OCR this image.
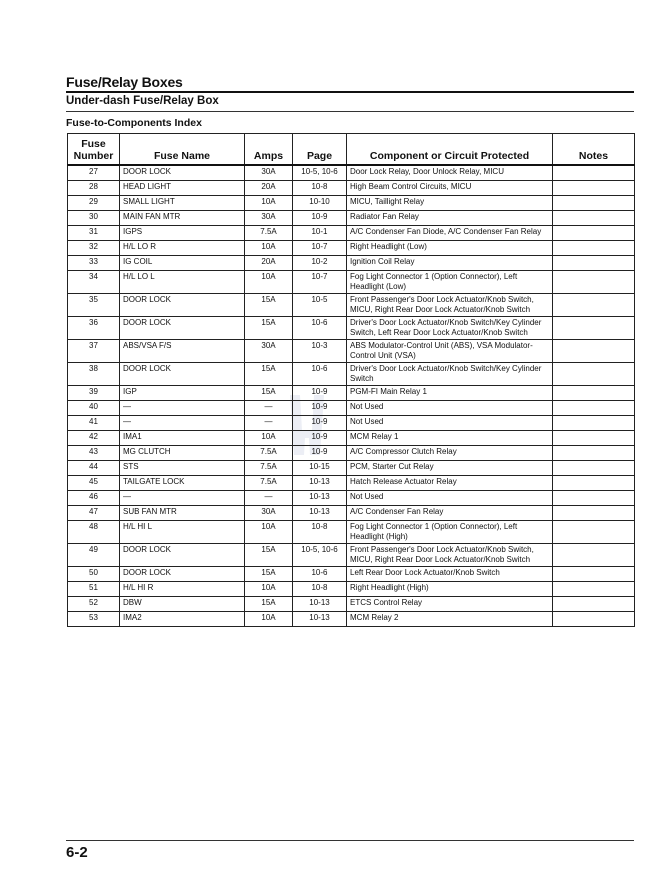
Fuse/Relay Boxes
Under-dash Fuse/Relay Box
Fuse-to-Components Index
Fuse Number	Fuse Name	Amps	Page	Component or Circuit Protected	Notes
27	DOOR LOCK	30A	10-5, 10-6	Door Lock Relay, Door Unlock Relay, MICU	
28	HEAD LIGHT	20A	10-8	High Beam Control Circuits, MICU	
29	SMALL LIGHT	10A	10-10	MICU, Taillight Relay	
30	MAIN FAN MTR	30A	10-9	Radiator Fan Relay	
31	IGPS	7.5A	10-1	A/C Condenser Fan Diode, A/C Condenser Fan Relay	
32	H/L LO R	10A	10-7	Right Headlight (Low)	
33	IG COIL	20A	10-2	Ignition Coil Relay	
34	H/L LO L	10A	10-7	Fog Light Connector 1 (Option Connector), Left Headlight (Low)	
35	DOOR LOCK	15A	10-5	Front Passenger's Door Lock Actuator/Knob Switch, MICU, Right Rear Door Lock Actuator/Knob Switch	
36	DOOR LOCK	15A	10-6	Driver's Door Lock Actuator/Knob Switch/Key Cylinder Switch, Left Rear Door Lock Actuator/Knob Switch	
37	ABS/VSA F/S	30A	10-3	ABS Modulator-Control Unit (ABS), VSA Modulator-Control Unit (VSA)	
38	DOOR LOCK	15A	10-6	Driver's Door Lock Actuator/Knob Switch/Key Cylinder Switch	
39	IGP	15A	10-9	PGM-FI Main Relay 1	
40	—	—	10-9	Not Used	
41	—	—	10-9	Not Used	
42	IMA1	10A	10-9	MCM Relay 1	
43	MG CLUTCH	7.5A	10-9	A/C Compressor Clutch Relay	
44	STS	7.5A	10-15	PCM, Starter Cut Relay	
45	TAILGATE LOCK	7.5A	10-13	Hatch Release Actuator Relay	
46	—	—	10-13	Not Used	
47	SUB FAN MTR	30A	10-13	A/C Condenser Fan Relay	
48	H/L HI L	10A	10-8	Fog Light Connector 1 (Option Connector), Left Headlight (High)	
49	DOOR LOCK	15A	10-5, 10-6	Front Passenger's Door Lock Actuator/Knob Switch, MICU, Right Rear Door Lock Actuator/Knob Switch	
50	DOOR LOCK	15A	10-6	Left Rear Door Lock Actuator/Knob Switch	
51	H/L HI R	10A	10-8	Right Headlight (High)	
52	DBW	15A	10-13	ETCS Control Relay	
53	IMA2	10A	10-13	MCM Relay 2	
6-2
